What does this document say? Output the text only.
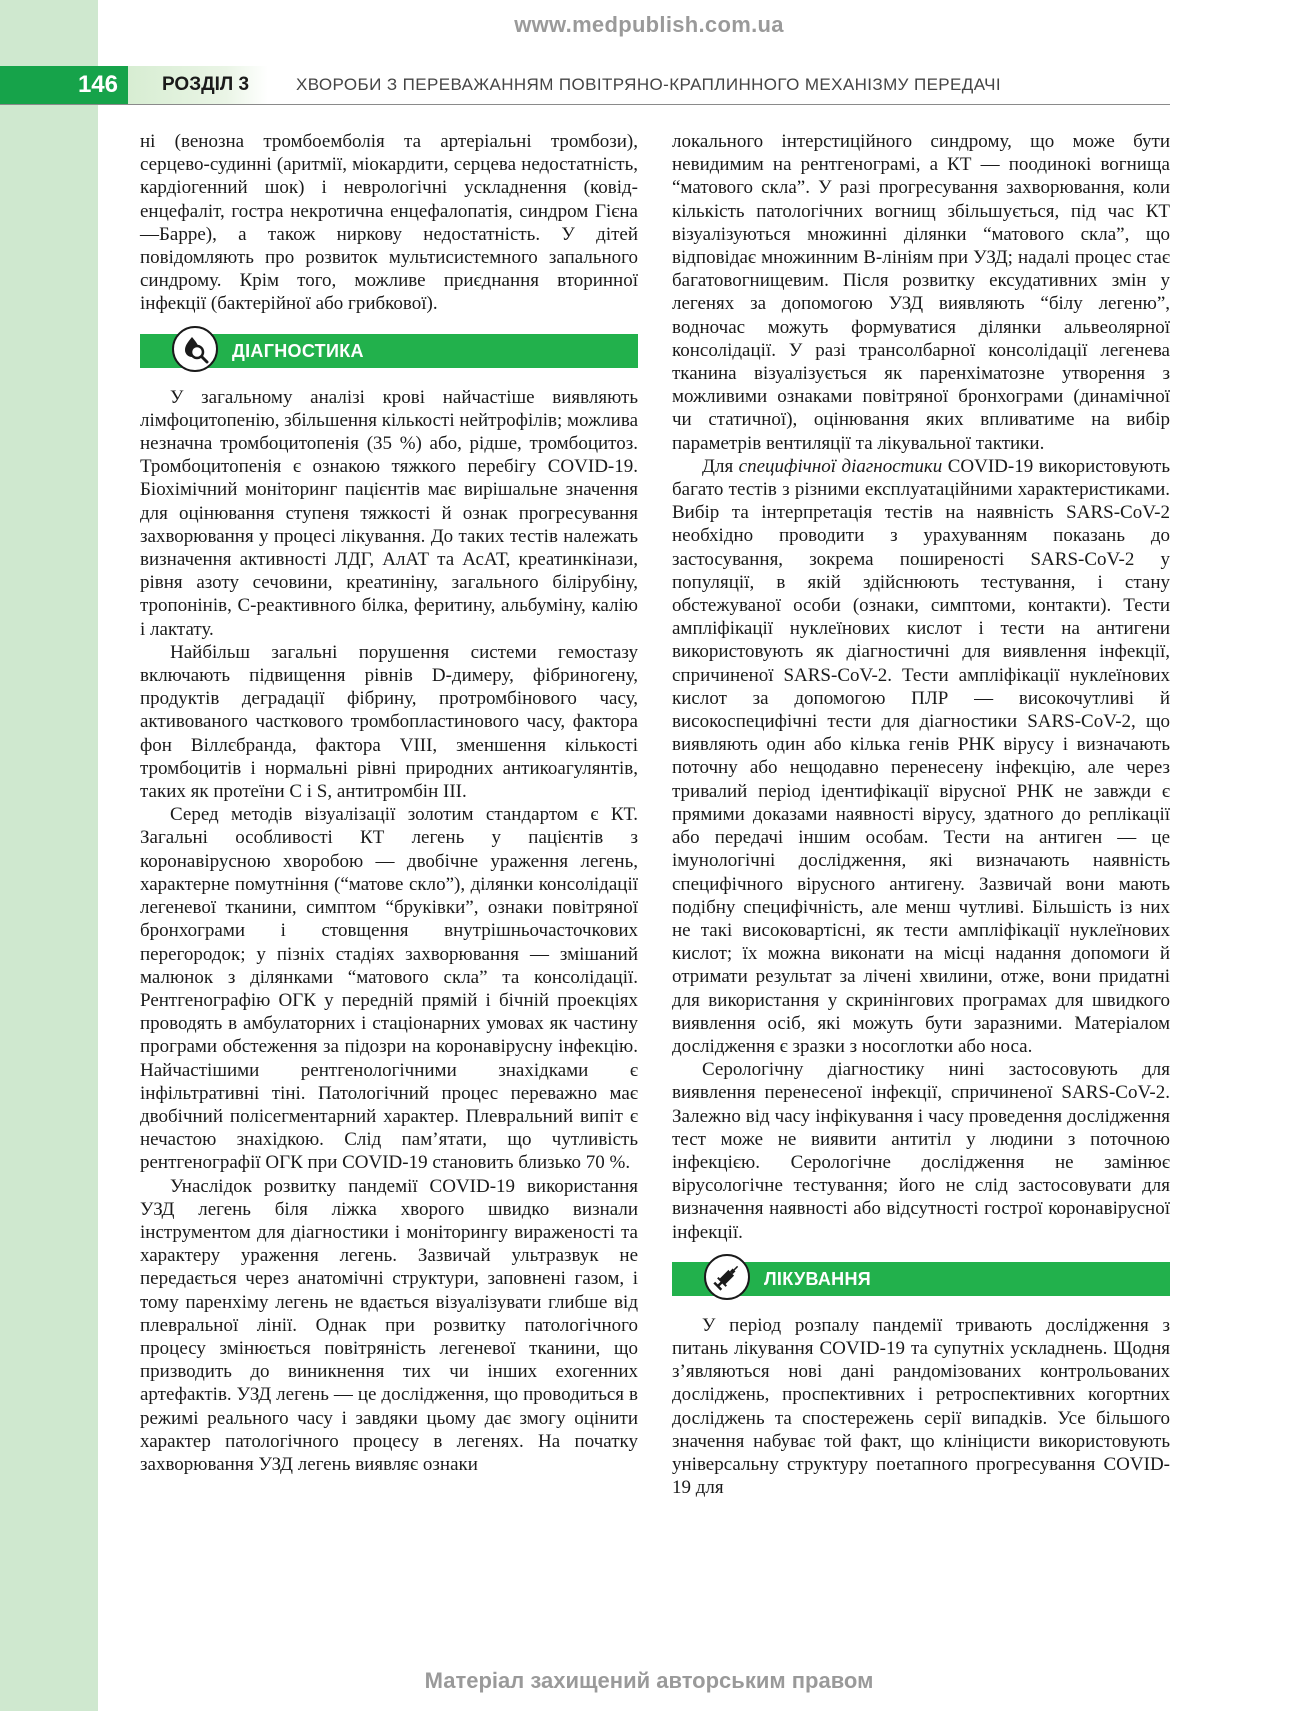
www.medpublish.com.ua
146	РОЗДІЛ 3	ХВОРОБИ З ПЕРЕВАЖАННЯМ ПОВІТРЯНО-КРАПЛИННОГО МЕХАНІЗМУ ПЕРЕДАЧІ

ні (венозна тромбоемболія та артеріальні тромбози), серцево-судинні (аритмії, міокардити, серцева недостатність, кардіогенний шок) і неврологічні ускладнення (ковід-енцефаліт, гостра некротична енцефалопатія, синдром Гієна—Барре), а також ниркову недостатність. У дітей повідомляють про розвиток мультисистемного запального синдрому. Крім того, можливе приєднання вторинної інфекції (бактерійної або грибкової).

ДІАГНОСТИКА

У загальному аналізі крові найчастіше виявляють лімфоцитопенію, збільшення кількості нейтрофілів; можлива незначна тромбоцитопенія (35 %) або, рідше, тромбоцитоз. Тромбоцитопенія є ознакою тяжкого перебігу COVID-19. Біохімічний моніторинг пацієнтів має вирішальне значення для оцінювання ступеня тяжкості й ознак прогресування захворювання у процесі лікування. До таких тестів належать визначення активності ЛДГ, АлАТ та АсАТ, креатинкінази, рівня азоту сечовини, креатиніну, загального білірубіну, тропонінів, С-реактивного білка, феритину, альбуміну, калію і лактату.

Найбільш загальні порушення системи гемостазу включають підвищення рівнів D-димеру, фібриногену, продуктів деградації фібрину, протромбінового часу, активованого часткового тромбопластинового часу, фактора фон Віллєбранда, фактора VIII, зменшення кількості тромбоцитів і нормальні рівні природних антикоагулянтів, таких як протеїни C і S, антитромбін III.

Серед методів візуалізації золотим стандартом є КТ. Загальні особливості КТ легень у пацієнтів з коронавірусною хворобою — двобічне ураження легень, характерне помутніння (“матове скло”), ділянки консолідації легеневої тканини, симптом “бруківки”, ознаки повітряної бронхограми і стовщення внутрішньочасточкових перегородок; у пізніх стадіях захворювання — змішаний малюнок з ділянками “матового скла” та консолідації. Рентгенографію ОГК у передній прямій і бічній проекціях проводять в амбулаторних і стаціонарних умовах як частину програми обстеження за підозри на коронавірусну інфекцію. Найчастішими рентгенологічними знахідками є інфільтративні тіні. Патологічний процес переважно має двобічний полісегментарний характер. Плевральний випіт є нечастою знахідкою. Слід пам’ятати, що чутливість рентгенографії ОГК при COVID-19 становить близько 70 %.

Унаслідок розвитку пандемії COVID-19 використання УЗД легень біля ліжка хворого швидко визнали інструментом для діагностики і моніторингу вираженості та характеру ураження легень. Зазвичай ультразвук не передається через анатомічні структури, заповнені газом, і тому паренхіму легень не вдається візуалізувати глибше від плевральної лінії. Однак при розвитку патологічного процесу змінюється повітряність легеневої тканини, що призводить до виникнення тих чи інших ехогенних артефактів. УЗД легень — це дослідження, що проводиться в режимі реального часу і завдяки цьому дає змогу оцінити характер патологічного процесу в легенях. На початку захворювання УЗД легень виявляє ознаки

локального інтерстиційного синдрому, що може бути невидимим на рентгенограмі, а КТ — поодинокі вогнища “матового скла”. У разі прогресування захворювання, коли кількість патологічних вогнищ збільшується, під час КТ візуалізуються множинні ділянки “матового скла”, що відповідає множинним B-лініям при УЗД; надалі процес стає багатовогнищевим. Після розвитку ексудативних змін у легенях за допомогою УЗД виявляють “білу легеню”, водночас можуть формуватися ділянки альвеолярної консолідації. У разі трансолбарної консолідації легенева тканина візуалізується як паренхіматозне утворення з можливими ознаками повітряної бронхограми (динамічної чи статичної), оцінювання яких впливатиме на вибір параметрів вентиляції та лікувальної тактики.

Для специфічної діагностики COVID-19 використовують багато тестів з різними експлуатаційними характеристиками. Вибір та інтерпретація тестів на наявність SARS-CoV-2 необхідно проводити з урахуванням показань до застосування, зокрема поширеності SARS-CoV-2 у популяції, в якій здійснюють тестування, і стану обстежуваної особи (ознаки, симптоми, контакти). Тести ампліфікації нуклеїнових кислот і тести на антигени використовують як діагностичні для виявлення інфекції, спричиненої SARS-CoV-2. Тести ампліфікації нуклеїнових кислот за допомогою ПЛР — високочутливі й високоспецифічні тести для діагностики SARS-CoV-2, що виявляють один або кілька генів РНК вірусу і визначають поточну або нещодавно перенесену інфекцію, але через тривалий період ідентифікації вірусної РНК не завжди є прямими доказами наявності вірусу, здатного до реплікації або передачі іншим особам. Тести на антиген — це імунологічні дослідження, які визначають наявність специфічного вірусного антигену. Зазвичай вони мають подібну специфічність, але менш чутливі. Більшість із них не такі високовартісні, як тести ампліфікації нуклеїнових кислот; їх можна виконати на місці надання допомоги й отримати результат за лічені хвилини, отже, вони придатні для використання у скринінгових програмах для швидкого виявлення осіб, які можуть бути заразними. Матеріалом дослідження є зразки з носоглотки або носа.

Серологічну діагностику нині застосовують для виявлення перенесеної інфекції, спричиненої SARS-CoV-2. Залежно від часу інфікування і часу проведення дослідження тест може не виявити антитіл у людини з поточною інфекцією. Серологічне дослідження не замінює вірусологічне тестування; його не слід застосовувати для визначення наявності або відсутності гострої коронавірусної інфекції.

ЛІКУВАННЯ

У період розпалу пандемії тривають дослідження з питань лікування COVID-19 та супутніх ускладнень. Щодня з’являються нові дані рандомізованих контрольованих досліджень, проспективних і ретроспективних когортних досліджень та спостережень серії випадків. Усе більшого значення набуває той факт, що клініцисти використовують універсальну структуру поетапного прогресування COVID-19 для

Матеріал захищений авторським правом
